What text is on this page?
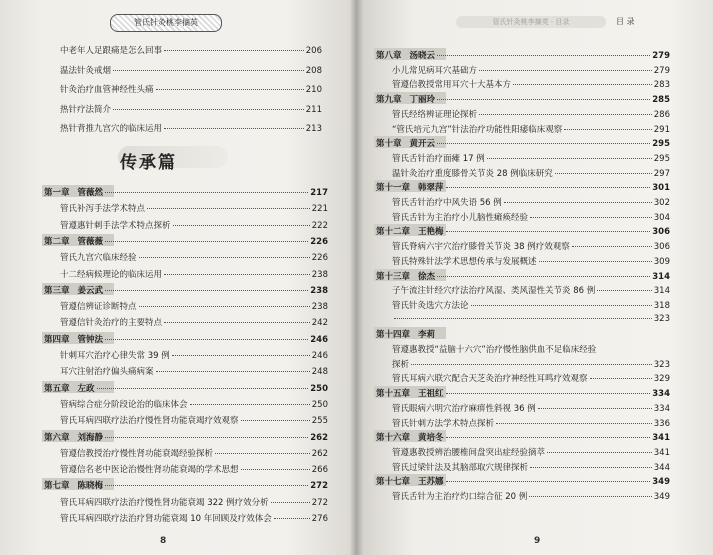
管氏针灸桃李摘英
中老年人足跟痛是怎么回事	206
温法针灸戒烟	208
针灸治疗血管神经性头痛	210
热针疗法简介	211
热针背推九宫穴的临床运用	213
传承篇
第一章 管薇然	217
管氏补泻手法学术特点	221
管遵惠针刺手法学术特点探析	222
第二章 管薇薇	226
管氏九宫穴临床经验	226
十二经病候理论的临床运用	238
第三章 姜云武	238
管遵信辨证诊断特点	238
管遵信针灸治疗的主要特点	242
第四章 管钟法	246
针刺耳穴治疗心律失常 39 例	246
耳穴注射治疗偏头痛病案	248
第五章 左政	250
管病综合症分阶段论治的临床体会	250
管氏耳病四联疗法治疗慢性肾功能衰竭疗效观察	255
第六章 刘海静	262
管遵信教授治疗慢性肾功能衰竭经验探析	262
管遵信名老中医论治慢性肾功能衰竭的学术思想	266
第七章 陈晓梅	272
管氏耳病四联疗法治疗慢性肾功能衰竭 322 例疗效分析	272
管氏耳病四联疗法治疗肾功能衰竭 10 年回顾及疗效体会	276
8
管氏针灸桃李摘英 · 目录	目 录
第八章 汤晓云	279
小儿常见病耳穴基础方	279
管遵信教授常用耳穴十大基本方	283
第九章 丁丽玲	285
管氏经络辨证理论探析	286
“管氏培元九宫”针法治疗功能性阳痿临床观察	291
第十章 黄开云	295
管氏舌针治疗面瘫 17 例	295
温针灸治疗重度膝骨关节炎 28 例临床研究	297
第十一章 韩翠萍	301
管氏舌针治疗中风失语 56 例	302
管氏舌针为主治疗小儿脑性瘫痪经验	304
第十二章 王艳梅	306
管氏脊病六宇穴治疗膝骨关节炎 38 例疗效观察	306
管氏特殊针法学术思想传承与发展概述	309
第十三章 徐杰	314
子午流注针经穴疗法治疗风湿、类风湿性关节炎 86 例	314
管氏针灸选穴方法论	318
323
第十四章 李莉
管遵惠教授“益脑十六穴”治疗慢性脑供血不足临床经验
探析	323
管氏耳病六联穴配合天芝灸治疗神经性耳鸣疗效观察	329
第十五章 王祖红	334
管氏眼病六明穴治疗麻痹性斜视 36 例	334
管氏针刺方法学术特点探析	336
第十六章 黄培冬	341
管遵惠教授辨治腰椎间盘突出症经验摘萃	341
管氏过梁针法及其脑部取穴规律探析	344
第十七章 王苏娜	349
管氏舌针为主治疗灼口综合征 20 例	349
9
